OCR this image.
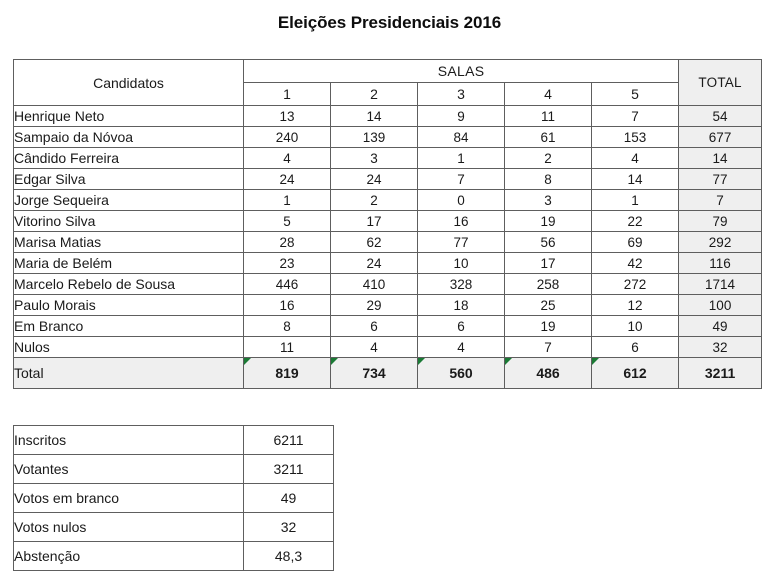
Eleições Presidenciais 2016
Candidatos	SALAS					TOTAL
	1	2	3	4	5	
Henrique Neto	13	14	9	11	7	54
Sampaio da Nóvoa	240	139	84	61	153	677
Cândido Ferreira	4	3	1	2	4	14
Edgar Silva	24	24	7	8	14	77
Jorge Sequeira	1	2	0	3	1	7
Vitorino Silva	5	17	16	19	22	79
Marisa Matias	28	62	77	56	69	292
Maria de Belém	23	24	10	17	42	116
Marcelo Rebelo de Sousa	446	410	328	258	272	1714
Paulo Morais	16	29	18	25	12	100
Em Branco	8	6	6	19	10	49
Nulos	11	4	4	7	6	32
Total	819	734	560	486	612	3211
Inscritos	6211
Votantes	3211
Votos em branco	49
Votos nulos	32
Abstenção	48,3
